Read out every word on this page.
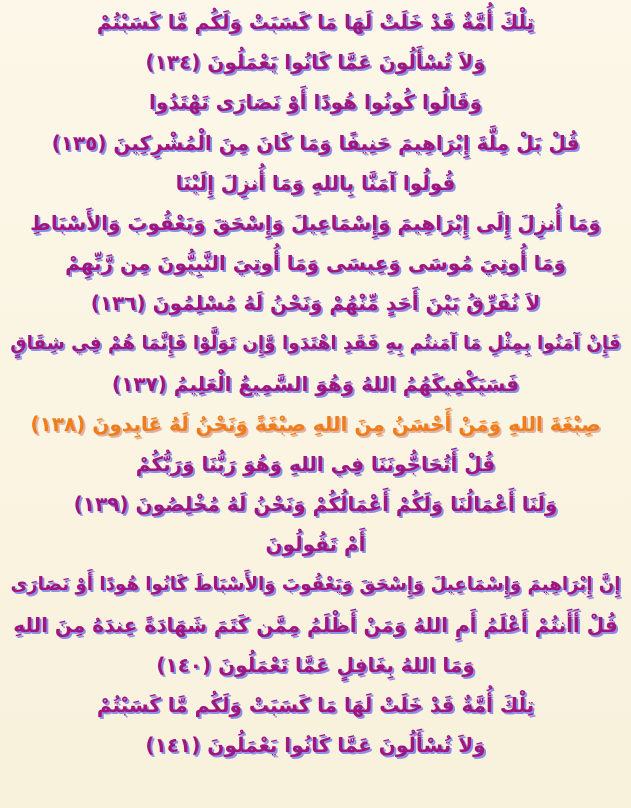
تِلْكَ أُمَّةٌ قَدْ خَلَتْ لَهَا مَا كَسَبَتْ وَلَكُم مَّا كَسَبْتُمْ
وَلاَ تُسْأَلُونَ عَمَّا كَانُوا يَعْمَلُونَ (١٣٤)
وَقَالُوا كُونُوا هُودًا أَوْ نَصَارَى تَهْتَدُوا
قُلْ بَلْ مِلَّةَ إِبْرَاهِيمَ حَنِيفًا وَمَا كَانَ مِنَ الْمُشْرِكِينَ (١٣٥)
قُولُوا آمَنَّا بِاللهِ وَمَا أُنزِلَ إِلَيْنَا
وَمَا أُنزِلَ إِلَى إِبْرَاهِيمَ وَإِسْمَاعِيلَ وَإِسْحَقَ وَيَعْقُوبَ وَالأَسْبَاطِ
وَمَا أُوتِيَ مُوسَى وَعِيسَى وَمَا أُوتِيَ النَّبِيُّونَ مِن رَّبِّهِمْ
لاَ نُفَرِّقُ بَيْنَ أَحَدٍ مِّنْهُمْ وَنَحْنُ لَهُ مُسْلِمُونَ (١٣٦)
فَإِنْ آمَنُوا بِمِثْلِ مَا آمَنتُم بِهِ فَقَدِ اهْتَدَوا وَّإِن تَوَلَّوْا فَإِنَّمَا هُمْ فِي شِقَاقٍ
فَسَيَكْفِيكَهُمُ اللهُ وَهُوَ السَّمِيعُ الْعَلِيمُ (١٣٧)
صِبْغَةَ اللهِ وَمَنْ أَحْسَنُ مِنَ اللهِ صِبْغَةً وَنَحْنُ لَهُ عَابِدونَ (١٣٨)
قُلْ أَتُحَاجُّونَنَا فِي اللهِ وَهُوَ رَبُّنَا وَرَبُّكُمْ
وَلَنَا أَعْمَالُنَا وَلَكُمْ أَعْمَالُكُمْ وَنَحْنُ لَهُ مُخْلِصُونَ (١٣٩)
أَمْ تَقُولُونَ
إِنَّ إِبْرَاهِيمَ وَإِسْمَاعِيلَ وَإِسْحَقَ وَيَعْقُوبَ وَالأَسْبَاطَ كَانُوا هُودًا أَوْ نَصَارَى
قُلْ أَأَنتُمْ أَعْلَمُ أَمِ اللهُ وَمَنْ أَظْلَمُ مِمَّن كَتَمَ شَهَادَةً عِندَهُ مِنَ اللهِ
وَمَا اللهُ بِغَافِلٍ عَمَّا تَعْمَلُونَ (١٤٠)
تِلْكَ أُمَّةٌ قَدْ خَلَتْ لَهَا مَا كَسَبَتْ وَلَكُم مَّا كَسَبْتُمْ
وَلاَ تُسْأَلُونَ عَمَّا كَانُوا يَعْمَلُونَ (١٤١)
